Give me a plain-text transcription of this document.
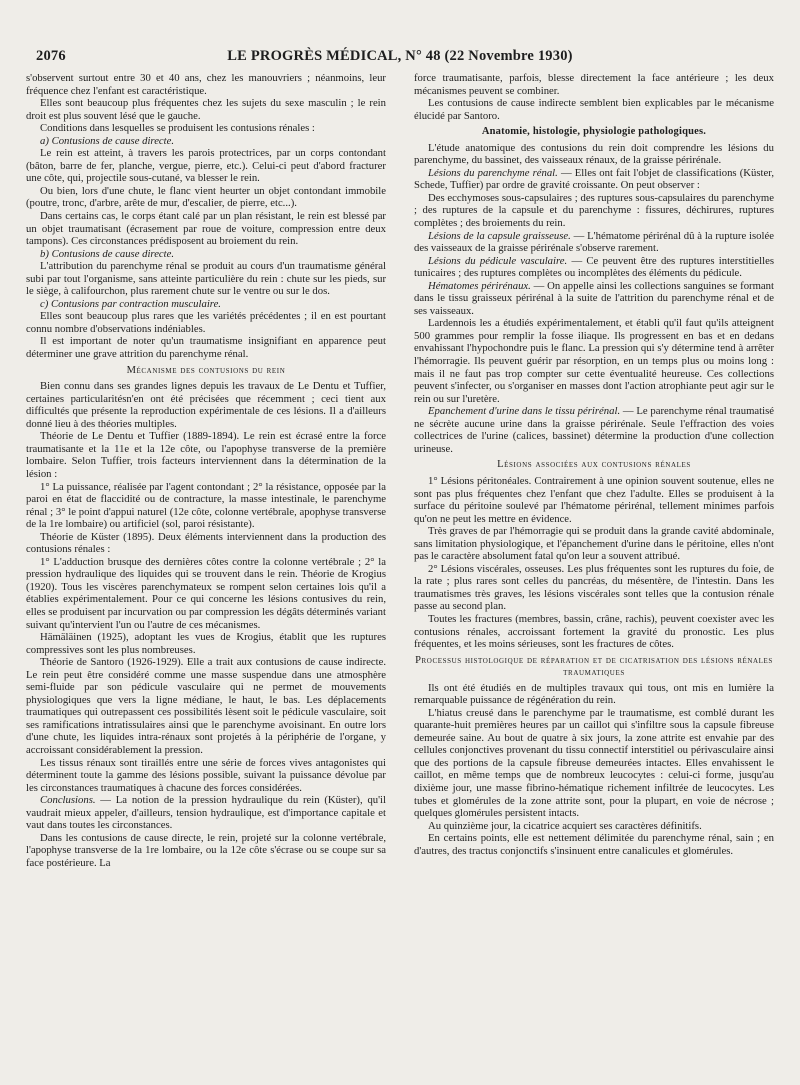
2076	LE PROGRÈS MÉDICAL, N° 48 (22 Novembre 1930)

s'observent surtout entre 30 et 40 ans, chez les manouvriers ; néanmoins, leur fréquence chez l'enfant est caractéristique.

Elles sont beaucoup plus fréquentes chez les sujets du sexe masculin ; le rein droit est plus souvent lésé que le gauche.

Conditions dans lesquelles se produisent les contusions rénales :

a) Contusions de cause directe.

Le rein est atteint, à travers les parois protectrices, par un corps contondant (bâton, barre de fer, planche, vergue, pierre, etc.). Celui-ci peut d'abord fracturer une côte, qui, projectile sous-cutané, va blesser le rein.

Ou bien, lors d'une chute, le flanc vient heurter un objet contondant immobile (poutre, tronc, d'arbre, arête de mur, d'escalier, de pierre, etc...).

Dans certains cas, le corps étant calé par un plan résistant, le rein est blessé par un objet traumatisant (écrasement par roue de voiture, compression entre deux tampons). Ces circonstances prédisposent au broiement du rein.

b) Contusions de cause directe.

L'attribution du parenchyme rénal se produit au cours d'un traumatisme général subi par tout l'organisme, sans atteinte particulière du rein : chute sur les pieds, sur le siège, à califourchon, plus rarement chute sur le ventre ou sur le dos.

c) Contusions par contraction musculaire.

Elles sont beaucoup plus rares que les variétés précédentes ; il en est pourtant connu nombre d'observations indéniables.

Il est important de noter qu'un traumatisme insignifiant en apparence peut déterminer une grave attrition du parenchyme rénal.

Mécanisme des contusions du rein

Bien connu dans ses grandes lignes depuis les travaux de Le Dentu et Tuffier, certaines particularitésn'en ont été précisées que récemment ; ceci tient aux difficultés que présente la reproduction expérimentale de ces lésions. Il a d'ailleurs donné lieu à des théories multiples.

Théorie de Le Dentu et Tuffier (1889-1894). Le rein est écrasé entre la force traumatisante et la 11e et la 12e côte, ou l'apophyse transverse de la première lombaire. Selon Tuffier, trois facteurs interviennent dans la détermination de la lésion :

1° La puissance, réalisée par l'agent contondant ; 2° la résistance, opposée par la paroi en état de flaccidité ou de contracture, la masse intestinale, le parenchyme rénal ; 3° le point d'appui naturel (12e côte, colonne vertébrale, apophyse transverse de la 1re lombaire) ou artificiel (sol, paroi résistante).

Théorie de Küster (1895). Deux éléments interviennent dans la production des contusions rénales :

1° L'adduction brusque des dernières côtes contre la colonne vertébrale ; 2° la pression hydraulique des liquides qui se trouvent dans le rein. Théorie de Krogius (1920). Tous les viscères parenchymateux se rompent selon certaines lois qu'il a établies expérimentalement. Pour ce qui concerne les lésions contusives du rein, elles se produisent par incurvation ou par compression les dégâts déterminés variant suivant qu'intervient l'un ou l'autre de ces mécanismes.

Hämäläinen (1925), adoptant les vues de Krogius, établit que les ruptures compressives sont les plus nombreuses.

Théorie de Santoro (1926-1929). Elle a trait aux contusions de cause indirecte. Le rein peut être considéré comme une masse suspendue dans une atmosphère semi-fluide par son pédicule vasculaire qui ne permet de mouvements physiologiques que vers la ligne médiane, le haut, le bas. Les déplacements traumatiques qui outrepassent ces possibilités lèsent soit le pédicule vasculaire, soit ses ramifications intratissulaires ainsi que le parenchyme avoisinant. En outre lors d'une chute, les liquides intra-rénaux sont projetés à la périphérie de l'organe, y accroissant considérablement la pression.

Les tissus rénaux sont tiraillés entre une série de forces vives antagonistes qui déterminent toute la gamme des lésions possible, suivant la puissance dévolue par les circonstances traumatiques à chacune des forces considérées.

Conclusions. — La notion de la pression hydraulique du rein (Küster), qu'il vaudrait mieux appeler, d'ailleurs, tension hydraulique, est d'importance capitale et vaut dans toutes les circonstances.

Dans les contusions de cause directe, le rein, projeté sur la colonne vertébrale, l'apophyse transverse de la 1re lombaire, ou la 12e côte s'écrase ou se coupe sur sa face postérieure. La

force traumatisante, parfois, blesse directement la face antérieure ; les deux mécanismes peuvent se combiner.

Les contusions de cause indirecte semblent bien explicables par le mécanisme élucidé par Santoro.

Anatomie, histologie, physiologie pathologiques.

L'étude anatomique des contusions du rein doit comprendre les lésions du parenchyme, du bassinet, des vaisseaux rénaux, de la graisse périrénale.

Lésions du parenchyme rénal. — Elles ont fait l'objet de classifications (Küster, Schede, Tuffier) par ordre de gravité croissante. On peut observer :

Des ecchymoses sous-capsulaires ; des ruptures sous-capsulaires du parenchyme ; des ruptures de la capsule et du parenchyme : fissures, déchirures, ruptures complètes ; des broiements du rein.

Lésions de la capsule graisseuse. — L'hématome périrénal dû à la rupture isolée des vaisseaux de la graisse périrénale s'observe rarement.

Lésions du pédicule vasculaire. — Ce peuvent être des ruptures interstitielles tunicaires ; des ruptures complètes ou incomplètes des éléments du pédicule.

Hématomes périrénaux. — On appelle ainsi les collections sanguines se formant dans le tissu graisseux périrénal à la suite de l'attrition du parenchyme rénal et de ses vaisseaux.

Lardennois les a étudiés expérimentalement, et établi qu'il faut qu'ils atteignent 500 grammes pour remplir la fosse iliaque. Ils progressent en bas et en dedans envahissant l'hypochondre puis le flanc. La pression qui s'y détermine tend à arrêter l'hémorragie. Ils peuvent guérir par résorption, en un temps plus ou moins long : mais il ne faut pas trop compter sur cette éventualité heureuse. Ces collections peuvent s'infecter, ou s'organiser en masses dont l'action atrophiante peut agir sur le rein ou sur l'uretère.

Epanchement d'urine dans le tissu périrénal. — Le parenchyme rénal traumatisé ne sécrète aucune urine dans la graisse périrénale. Seule l'effraction des voies collectrices de l'urine (calices, bassinet) détermine la production d'une collection urineuse.

Lésions associées aux contusions rénales

1° Lésions péritonéales. Contrairement à une opinion souvent soutenue, elles ne sont pas plus fréquentes chez l'enfant que chez l'adulte. Elles se produisent à la surface du péritoine soulevé par l'hématome périrénal, tellement minimes parfois qu'on ne peut les mettre en évidence.

Très graves de par l'hémorragie qui se produit dans la grande cavité abdominale, sans limitation physiologique, et l'épanchement d'urine dans le péritoine, elles n'ont pas le caractère absolument fatal qu'on leur a souvent attribué.

2° Lésions viscérales, osseuses. Les plus fréquentes sont les ruptures du foie, de la rate ; plus rares sont celles du pancréas, du mésentère, de l'intestin. Dans les traumatismes très graves, les lésions viscérales sont telles que la contusion rénale passe au second plan.

Toutes les fractures (membres, bassin, crâne, rachis), peuvent coexister avec les contusions rénales, accroissant fortement la gravité du pronostic. Les plus fréquentes, et les moins sérieuses, sont les fractures de côtes.

Processus histologique de réparation et de cicatrisation des lésions rénales traumatiques

Ils ont été étudiés en de multiples travaux qui tous, ont mis en lumière la remarquable puissance de régénération du rein.

L'hiatus creusé dans le parenchyme par le traumatisme, est comblé durant les quarante-huit premières heures par un caillot qui s'infiltre sous la capsule fibreuse demeurée saine. Au bout de quatre à six jours, la zone attrite est envahie par des cellules conjonctives provenant du tissu connectif interstitiel ou périvasculaire ainsi que des portions de la capsule fibreuse demeurées intactes. Elles envahissent le caillot, en même temps que de nombreux leucocytes : celui-ci forme, jusqu'au dixième jour, une masse fibrino-hématique richement infiltrée de leucocytes. Les tubes et glomérules de la zone attrite sont, pour la plupart, en voie de nécrose ; quelques glomérules persistent intacts.

Au quinzième jour, la cicatrice acquiert ses caractères définitifs.

En certains points, elle est nettement délimitée du parenchyme rénal, sain ; en d'autres, des tractus conjonctifs s'insinuent entre canalicules et glomérules.
